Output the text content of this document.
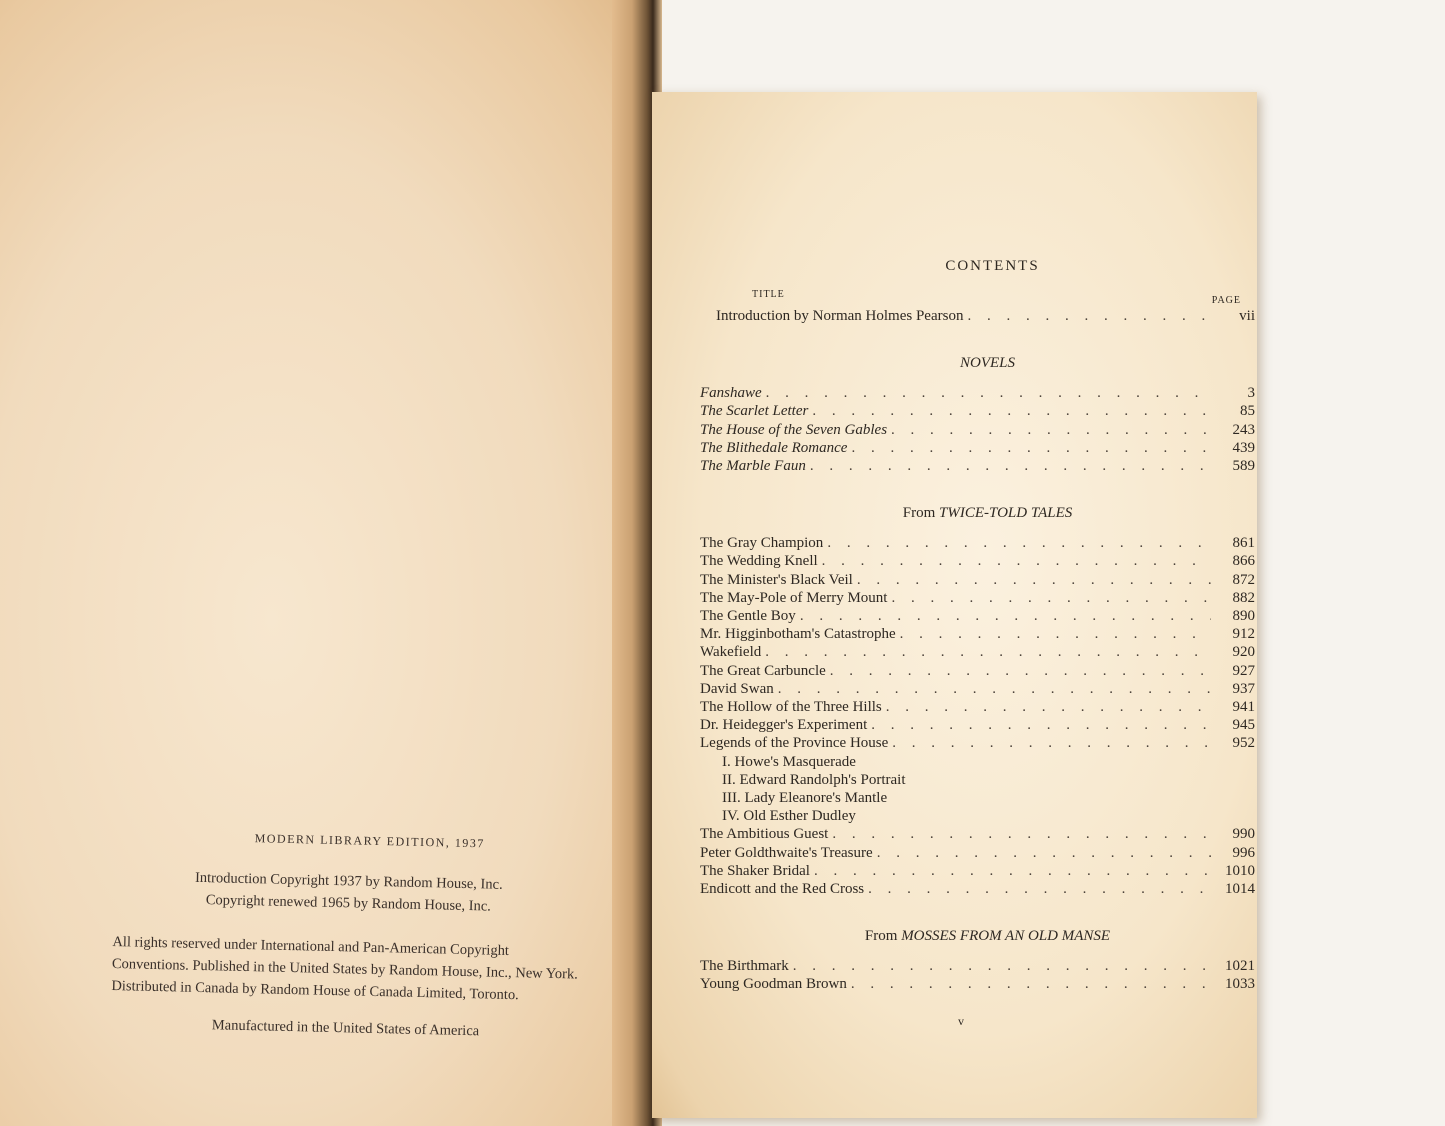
MODERN LIBRARY EDITION, 1937
Introduction Copyright 1937 by Random House, Inc.
Copyright renewed 1965 by Random House, Inc.
All rights reserved under International and Pan-American Copyright Conventions. Published in the United States by Random House, Inc., New York. Distributed in Canada by Random House of Canada Limited, Toronto.
Manufactured in the United States of America
CONTENTS
TITLE
PAGE
Introduction by Norman Holmes Pearson . . .	vii
NOVELS
Fanshawe . . .	3
The Scarlet Letter . . .	85
The House of the Seven Gables . . .	243
The Blithedale Romance . . .	439
The Marble Faun . . .	589
From TWICE-TOLD TALES
The Gray Champion . . .	861
The Wedding Knell . . .	866
The Minister's Black Veil . . .	872
The May-Pole of Merry Mount . . .	882
The Gentle Boy . . .	890
Mr. Higginbotham's Catastrophe . . .	912
Wakefield . . .	920
The Great Carbuncle . . .	927
David Swan . . .	937
The Hollow of the Three Hills . . .	941
Dr. Heidegger's Experiment . . .	945
Legends of the Province House . . .	952
I. Howe's Masquerade
II. Edward Randolph's Portrait
III. Lady Eleanore's Mantle
IV. Old Esther Dudley
The Ambitious Guest . . .	990
Peter Goldthwaite's Treasure . . .	996
The Shaker Bridal . . .	1010
Endicott and the Red Cross . . .	1014
From MOSSES FROM AN OLD MANSE
The Birthmark . . .	1021
Young Goodman Brown . . .	1033
v
